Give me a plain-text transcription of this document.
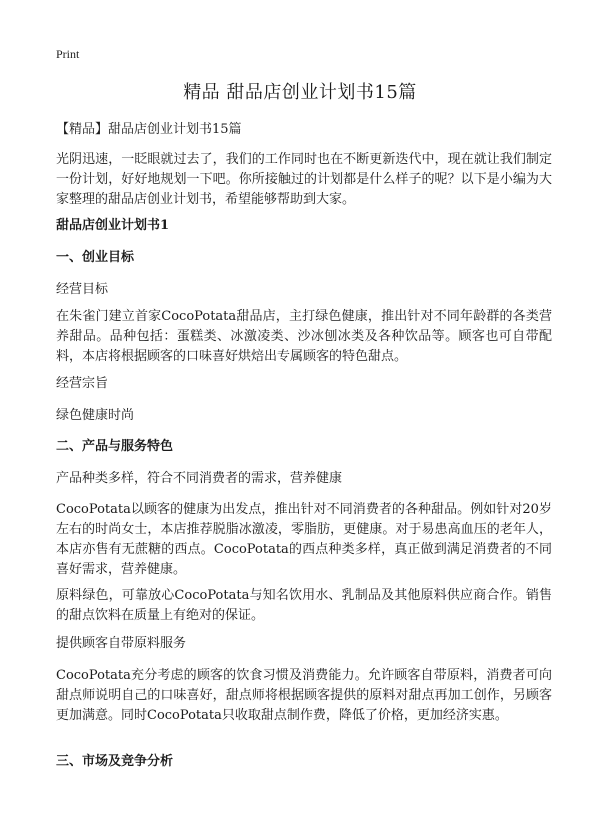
Print
精品 甜品店创业计划书15篇

【精品】甜品店创业计划书15篇

光阴迅速，一眨眼就过去了，我们的工作同时也在不断更新迭代中，现在就让我们制定一份计划，好好地规划一下吧。你所接触过的计划都是什么样子的呢？以下是小编为大家整理的甜品店创业计划书，希望能够帮助到大家。

甜品店创业计划书1

一、创业目标

经营目标

在朱雀门建立首家CocoPotata甜品店，主打绿色健康，推出针对不同年龄群的各类营养甜品。品种包括：蛋糕类、冰激凌类、沙冰刨冰类及各种饮品等。顾客也可自带配料，本店将根据顾客的口味喜好烘焙出专属顾客的特色甜点。

经营宗旨

绿色健康时尚

二、产品与服务特色

产品种类多样，符合不同消费者的需求，营养健康

CocoPotata以顾客的健康为出发点，推出针对不同消费者的各种甜品。例如针对20岁左右的时尚女士，本店推荐脱脂冰激凌，零脂肪，更健康。对于易患高血压的老年人，本店亦售有无蔗糖的西点。CocoPotata的西点种类多样，真正做到满足消费者的不同喜好需求，营养健康。

原料绿色，可靠放心CocoPotata与知名饮用水、乳制品及其他原料供应商合作。销售的甜点饮料在质量上有绝对的保证。

提供顾客自带原料服务

CocoPotata充分考虑的顾客的饮食习惯及消费能力。允许顾客自带原料，消费者可向甜点师说明自己的口味喜好，甜点师将根据顾客提供的原料对甜点再加工创作，另顾客更加满意。同时CocoPotata只收取甜点制作费，降低了价格，更加经济实惠。

三、市场及竞争分析
